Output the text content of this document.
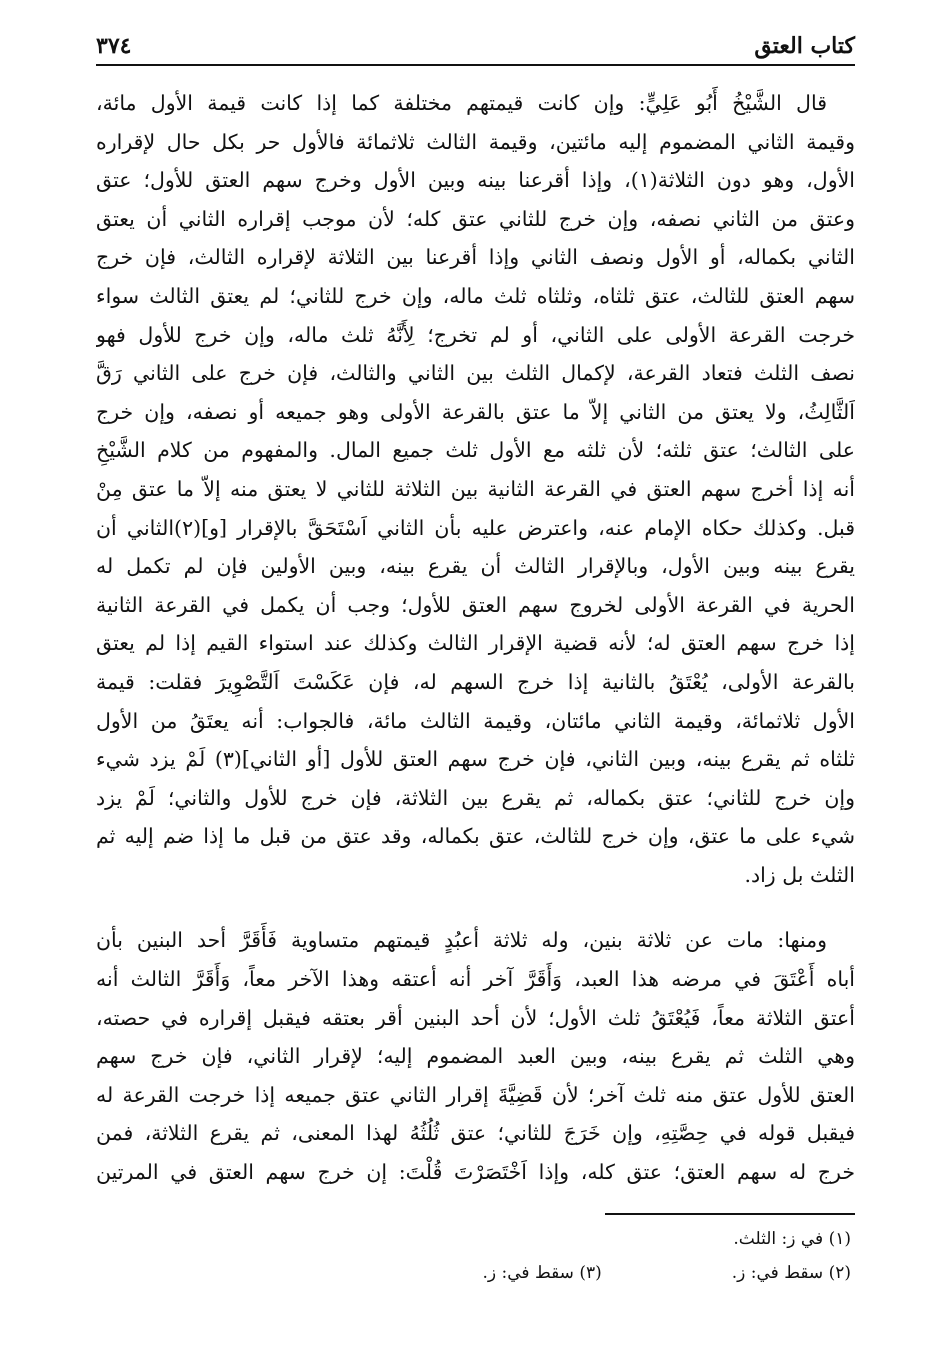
كتاب العتق
٣٧٤
قال الشَّيْخُ أَبُو عَلِيٍّ: وإن كانت قيمتهم مختلفة كما إذا كانت قيمة الأول مائة،
وقيمة الثاني المضموم إليه مائتين، وقيمة الثالث ثلاثمائة فالأول حر بكل حال لإقراره
الأول، وهو دون الثلاثة(١)، وإذا أقرعنا بينه وبين الأول وخرج سهم العتق للأول؛ عتق
وعتق من الثاني نصفه، وإن خرج للثاني عتق كله؛ لأن موجب إقراره الثاني أن يعتق
الثاني بكماله، أو الأول ونصف الثاني وإذا أقرعنا بين الثلاثة لإقراره الثالث، فإن خرج
سهم العتق للثالث، عتق ثلثاه، وثلثاه ثلث ماله، وإن خرج للثاني؛ لم يعتق الثالث سواء
خرجت القرعة الأولى على الثاني، أو لم تخرج؛ لِأَنَّهُ ثلث ماله، وإن خرج للأول فهو
نصف الثلث فتعاد القرعة، لإكمال الثلث بين الثاني والثالث، فإن خرج على الثاني رَقَّ
اَلثَّالِثُ، ولا يعتق من الثاني إلاّ ما عتق بالقرعة الأولى وهو جميعه أو نصفه، وإن خرج
على الثالث؛ عتق ثلثه؛ لأن ثلثه مع الأول ثلث جميع المال. والمفهوم من كلام الشَّيْخِ
أنه إذا أخرج سهم العتق في القرعة الثانية بين الثلاثة للثاني لا يعتق منه إلاّ ما عتق مِنْ
قبل. وكذلك حكاه الإمام عنه، واعترض عليه بأن الثاني اَسْتَحَقَّ بالإقرار [و](٢)الثاني أن
يقرع بينه وبين الأول، وبالإقرار الثالث أن يقرع بينه، وبين الأولين فإن لم تكمل له
الحرية في القرعة الأولى لخروج سهم العتق للأول؛ وجب أن يكمل في القرعة الثانية
إذا خرج سهم العتق له؛ لأنه قضية الإقرار الثالث وكذلك عند استواء القيم إذا لم يعتق
بالقرعة الأولى، يُعْتَقُ بالثانية إذا خرج السهم له، فإن عَكَسْتَ اَلتَّصْوِيرَ فقلت: قيمة
الأول ثلاثمائة، وقيمة الثاني مائتان، وقيمة الثالث مائة، فالجواب: أنه يعتَقُ من الأول
ثلثاه ثم يقرع بينه، وبين الثاني، فإن خرج سهم العتق للأول [أو الثاني](٣) لَمْ يزد شيء
وإن خرج للثاني؛ عتق بكماله، ثم يقرع بين الثلاثة، فإن خرج للأول والثاني؛ لَمْ يزد
شيء على ما عتق، وإن خرج للثالث، عتق بكماله، وقد عتق من قبل ما إذا ضم إليه ثم
الثلث بل زاد.
ومنها: مات عن ثلاثة بنين، وله ثلاثة أعبُدٍ قيمتهم متساوية فَأَقَرَّ أحد البنين بأن
أباه أَعْتَقَ في مرضه هذا العبد، وَأَقَرَّ آخر أنه أعتقه وهذا الآخر معاً، وَأَقَرَّ الثالث أنه
أعتق الثلاثة معاً، فَيُعْتَقُ ثلث الأول؛ لأن أحد البنين أقر بعتقه فيقبل إقراره في حصته،
وهي الثلث ثم يقرع بينه، وبين العبد المضموم إليه؛ لإقرار الثاني، فإن خرج سهم
العتق للأول عتق منه ثلث آخر؛ لأن قَضِيَّةَ إقرار الثاني عتق جميعه إذا خرجت القرعة له
فيقبل قوله في حِصَّتِهِ، وإن خَرَجَ للثاني؛ عتق ثُلُثُهُ لهذا المعنى، ثم يقرع الثلاثة، فمن
خرج له سهم العتق؛ عتق كله، وإذا اَخْتَصَرْتَ قُلْتَ: إن خرج سهم العتق في المرتين
(١) في ز: الثلث.
(٢) سقط في: ز.
(٣) سقط في: ز.
